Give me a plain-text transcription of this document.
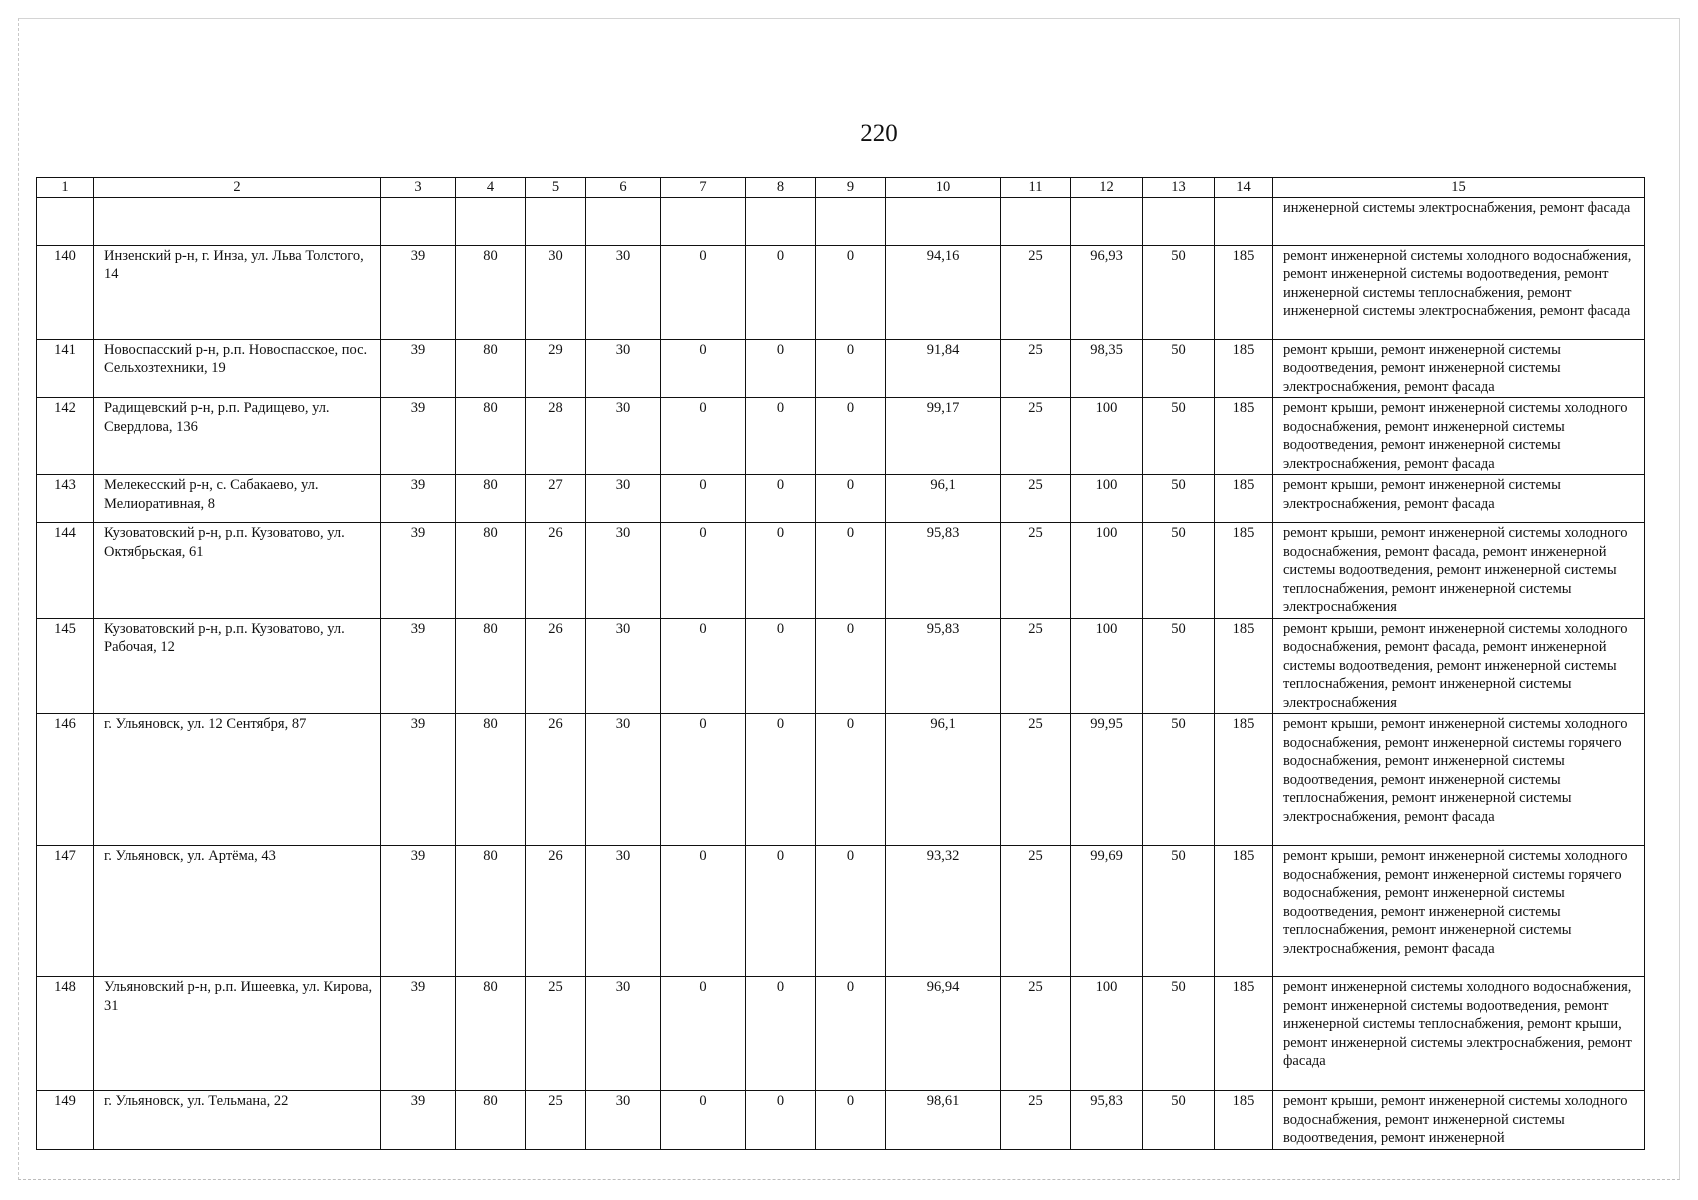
220
1	2	3	4	5	6	7	8	9	10	11	12	13	14	15
														инженерной системы электроснабжения, ремонт фасада
140	Инзенский р-н, г. Инза, ул. Льва Толстого, 14	39	80	30	30	0	0	0	94,16	25	96,93	50	185	ремонт инженерной системы холодного водоснабжения, ремонт инженерной системы водоотведения, ремонт инженерной системы теплоснабжения, ремонт инженерной системы электроснабжения, ремонт фасада
141	Новоспасский р-н, р.п. Новоспасское, пос. Сельхозтехники, 19	39	80	29	30	0	0	0	91,84	25	98,35	50	185	ремонт крыши, ремонт инженерной системы водоотведения, ремонт инженерной системы электроснабжения, ремонт фасада
142	Радищевский р-н, р.п. Радищево, ул. Свердлова, 136	39	80	28	30	0	0	0	99,17	25	100	50	185	ремонт крыши, ремонт инженерной системы холодного водоснабжения, ремонт инженерной системы водоотведения, ремонт инженерной системы электроснабжения, ремонт фасада
143	Мелекесский р-н, с. Сабакаево, ул. Мелиоративная, 8	39	80	27	30	0	0	0	96,1	25	100	50	185	ремонт крыши, ремонт инженерной системы электроснабжения, ремонт фасада
144	Кузоватовский р-н, р.п. Кузоватово, ул. Октябрьская, 61	39	80	26	30	0	0	0	95,83	25	100	50	185	ремонт крыши, ремонт инженерной системы холодного водоснабжения, ремонт фасада, ремонт инженерной системы водоотведения, ремонт инженерной системы теплоснабжения, ремонт инженерной системы электроснабжения
145	Кузоватовский р-н, р.п. Кузоватово, ул. Рабочая, 12	39	80	26	30	0	0	0	95,83	25	100	50	185	ремонт крыши, ремонт инженерной системы холодного водоснабжения, ремонт фасада, ремонт инженерной системы водоотведения, ремонт инженерной системы теплоснабжения, ремонт инженерной системы электроснабжения
146	г. Ульяновск, ул. 12 Сентября, 87	39	80	26	30	0	0	0	96,1	25	99,95	50	185	ремонт крыши, ремонт инженерной системы холодного водоснабжения, ремонт инженерной системы горячего водоснабжения, ремонт инженерной системы водоотведения, ремонт инженерной системы теплоснабжения, ремонт инженерной системы электроснабжения, ремонт фасада
147	г. Ульяновск, ул. Артёма, 43	39	80	26	30	0	0	0	93,32	25	99,69	50	185	ремонт крыши, ремонт инженерной системы холодного водоснабжения, ремонт инженерной системы горячего водоснабжения, ремонт инженерной системы водоотведения, ремонт инженерной системы теплоснабжения, ремонт инженерной системы электроснабжения, ремонт фасада
148	Ульяновский р-н, р.п. Ишеевка, ул. Кирова, 31	39	80	25	30	0	0	0	96,94	25	100	50	185	ремонт инженерной системы холодного водоснабжения, ремонт инженерной системы водоотведения, ремонт инженерной системы теплоснабжения, ремонт крыши, ремонт инженерной системы электроснабжения, ремонт фасада
149	г. Ульяновск, ул. Тельмана, 22	39	80	25	30	0	0	0	98,61	25	95,83	50	185	ремонт крыши, ремонт инженерной системы холодного водоснабжения, ремонт инженерной системы водоотведения, ремонт инженерной
